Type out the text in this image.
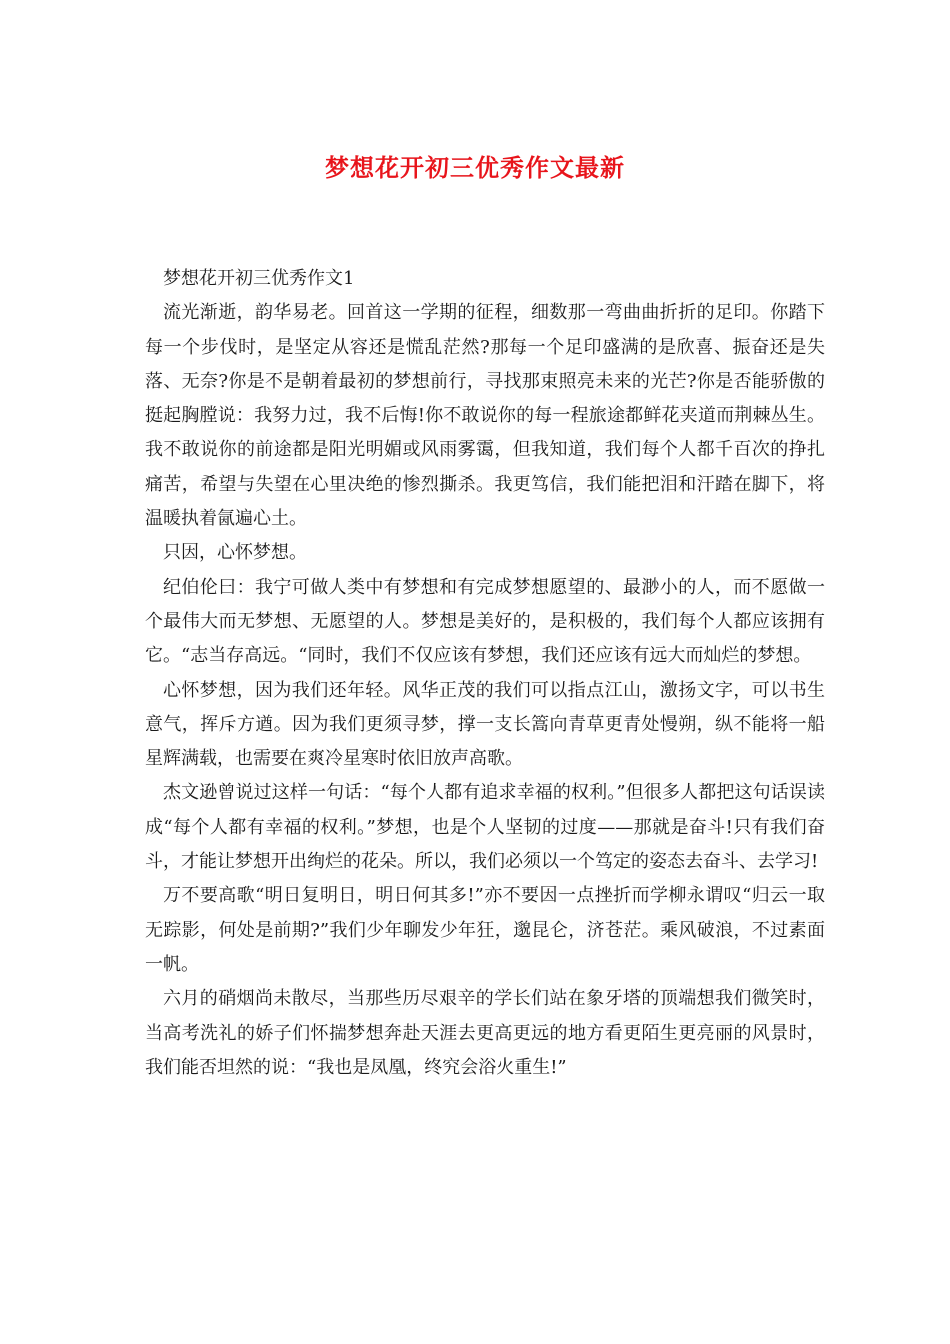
梦想花开初三优秀作文最新

梦想花开初三优秀作文1

流光渐逝，韵华易老。回首这一学期的征程，细数那一弯曲曲折折的足印。你踏下每一个步伐时，是坚定从容还是慌乱茫然?那每一个足印盛满的是欣喜、振奋还是失落、无奈?你是不是朝着最初的梦想前行，寻找那束照亮未来的光芒?你是否能骄傲的挺起胸膛说：我努力过，我不后悔!你不敢说你的每一程旅途都鲜花夹道而荆棘丛生。我不敢说你的前途都是阳光明媚或风雨雾霭，但我知道，我们每个人都千百次的挣扎痛苦，希望与失望在心里决绝的惨烈撕杀。我更笃信，我们能把泪和汗踏在脚下，将温暖执着氤遍心土。

只因，心怀梦想。

纪伯伦曰：我宁可做人类中有梦想和有完成梦想愿望的、最渺小的人，而不愿做一个最伟大而无梦想、无愿望的人。梦想是美好的，是积极的，我们每个人都应该拥有它。“志当存高远。“同时，我们不仅应该有梦想，我们还应该有远大而灿烂的梦想。

心怀梦想，因为我们还年轻。风华正茂的我们可以指点江山，激扬文字，可以书生意气，挥斥方遒。因为我们更须寻梦，撑一支长篙向青草更青处慢朔，纵不能将一船星辉满载，也需要在爽冷星寒时依旧放声高歌。

杰文逊曾说过这样一句话：“每个人都有追求幸福的权利。”但很多人都把这句话误读成“每个人都有幸福的权利。”梦想，也是个人坚韧的过度——那就是奋斗!只有我们奋斗，才能让梦想开出绚烂的花朵。所以，我们必须以一个笃定的姿态去奋斗、去学习!

万不要高歌“明日复明日，明日何其多!”亦不要因一点挫折而学柳永谓叹“归云一取无踪影，何处是前期?”我们少年聊发少年狂，邈昆仑，济苍茫。乘风破浪，不过素面一帆。

六月的硝烟尚未散尽，当那些历尽艰辛的学长们站在象牙塔的顶端想我们微笑时，当高考洗礼的娇子们怀揣梦想奔赴天涯去更高更远的地方看更陌生更亮丽的风景时，我们能否坦然的说：“我也是凤凰，终究会浴火重生!”
